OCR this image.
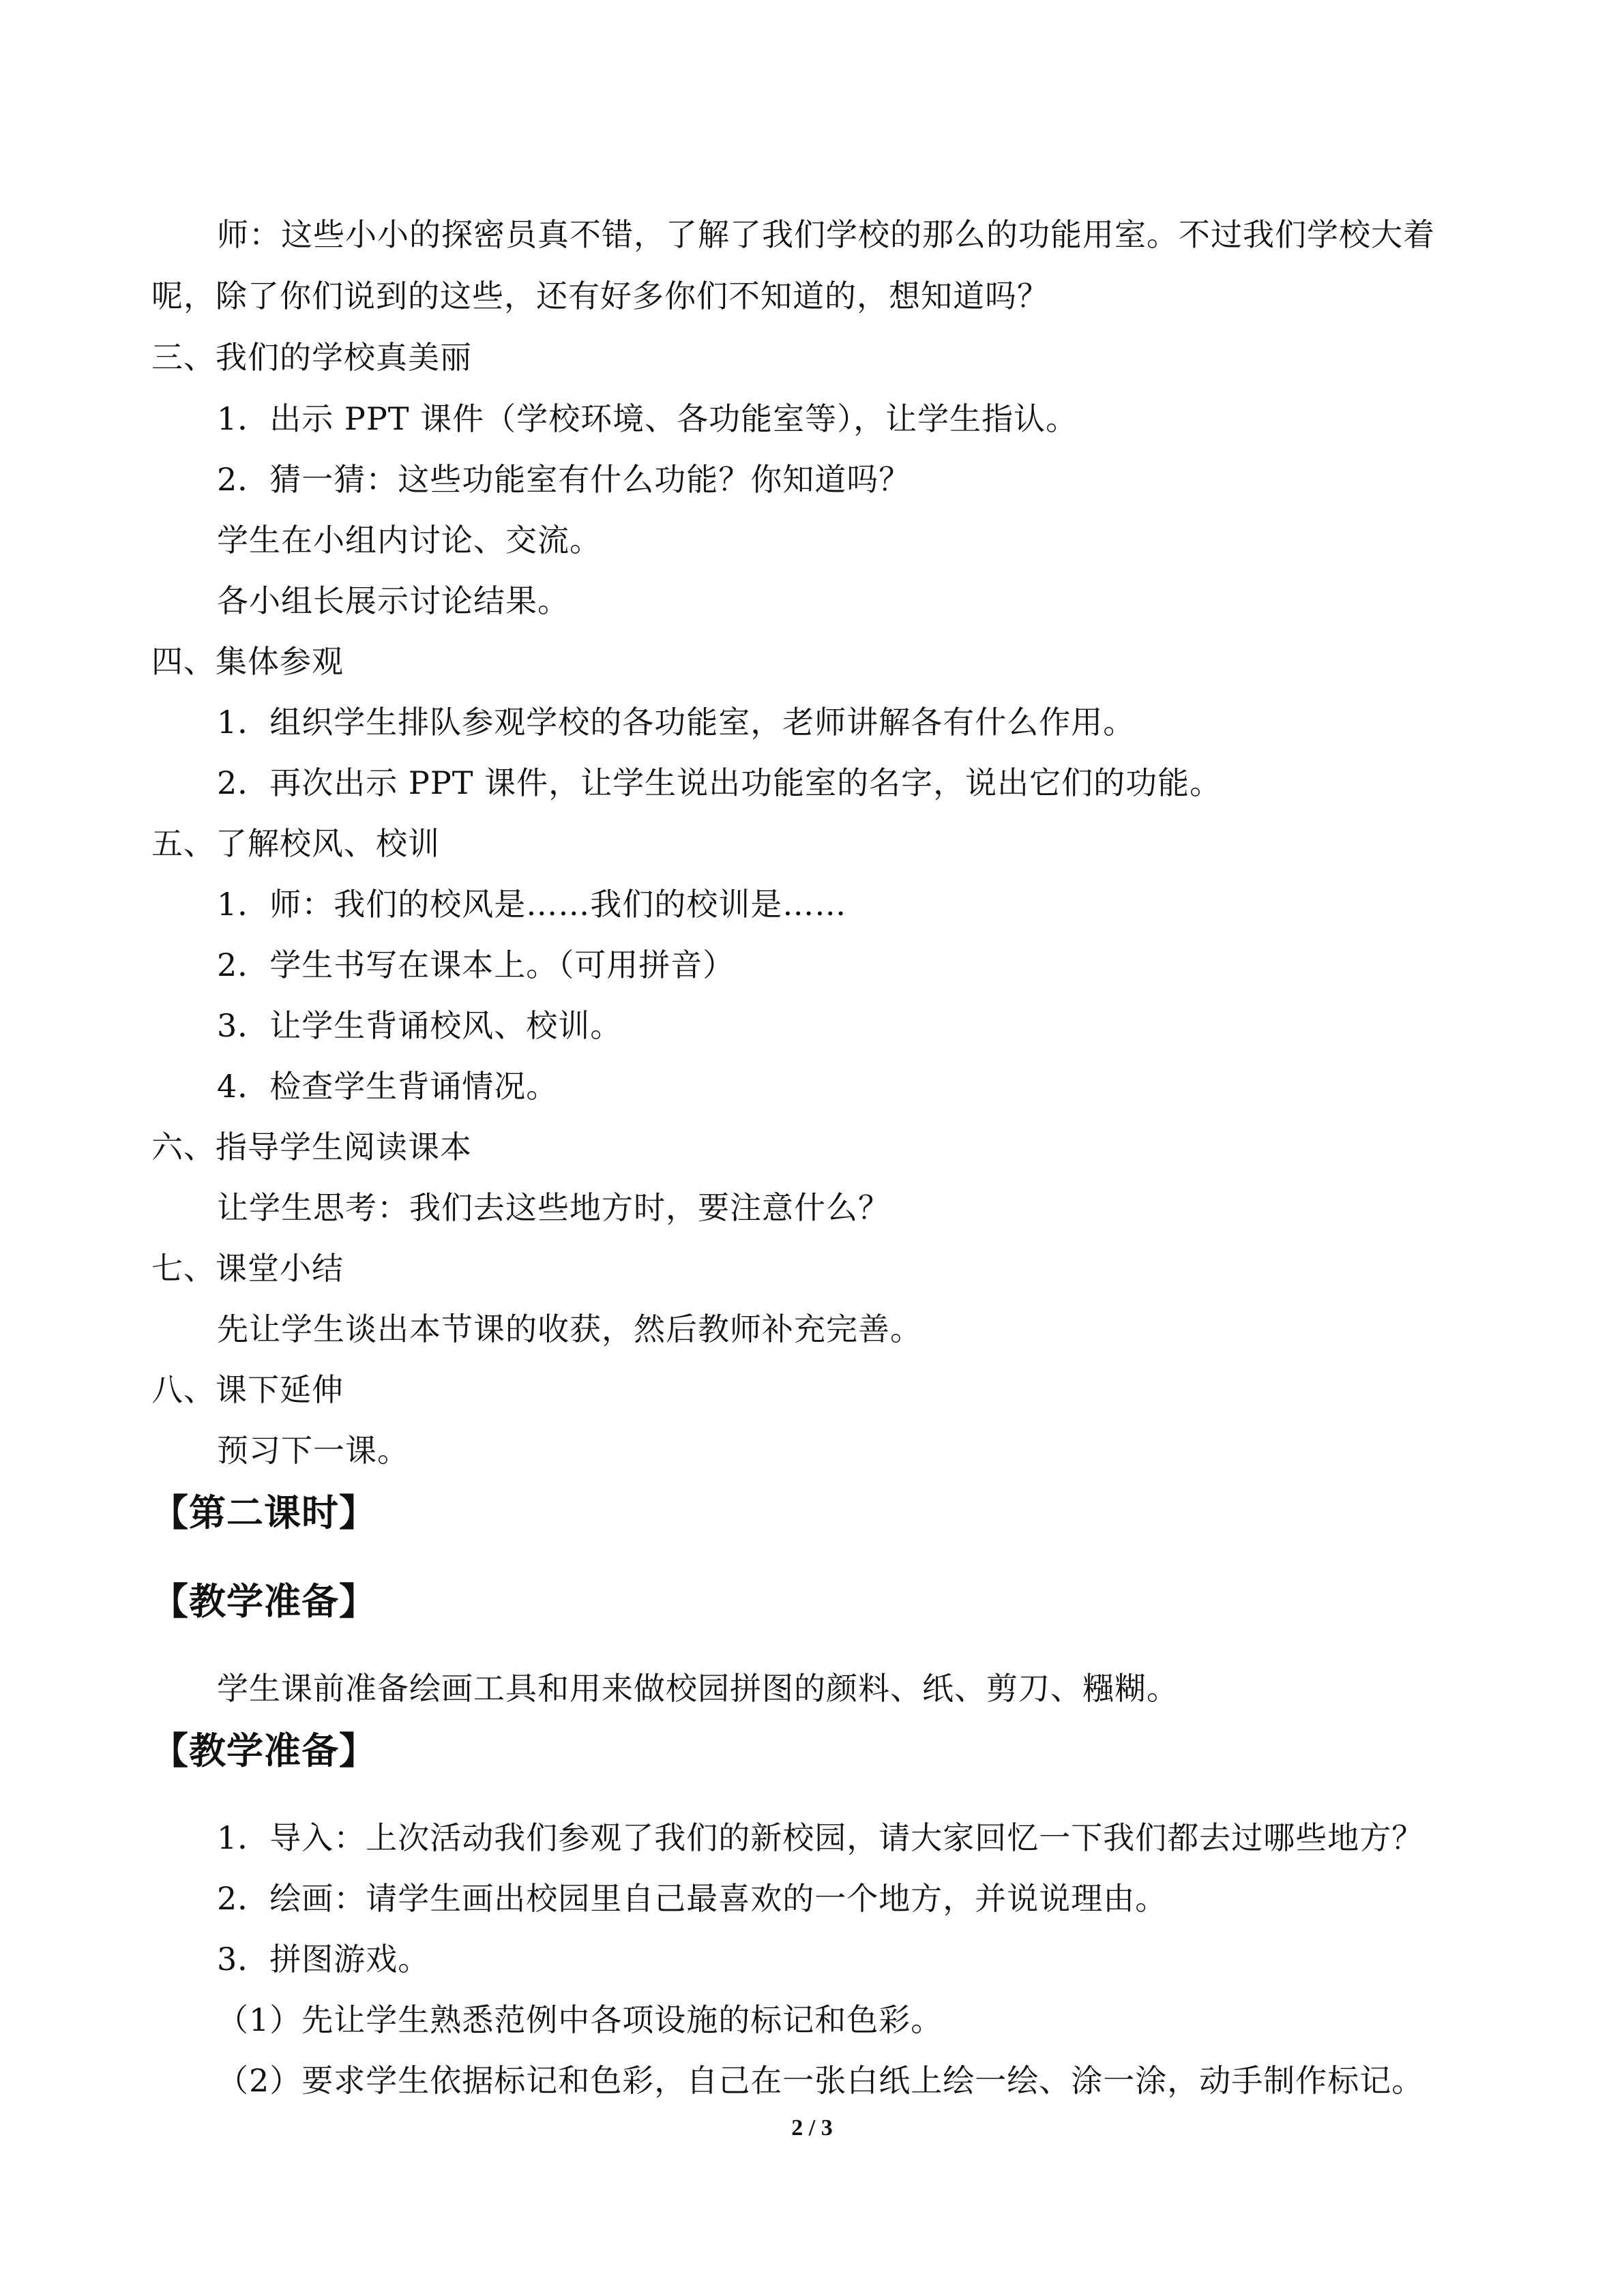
师：这些小小的探密员真不错，了解了我们学校的那么的功能用室。不过我们学校大着
呢，除了你们说到的这些，还有好多你们不知道的，想知道吗？
三、我们的学校真美丽
1．出示 PPT 课件（学校环境、各功能室等），让学生指认。
2．猜一猜：这些功能室有什么功能？你知道吗？
学生在小组内讨论、交流。
各小组长展示讨论结果。
四、集体参观
1．组织学生排队参观学校的各功能室，老师讲解各有什么作用。
2．再次出示 PPT 课件，让学生说出功能室的名字，说出它们的功能。
五、了解校风、校训
1．师：我们的校风是……我们的校训是……
2．学生书写在课本上。（可用拼音）
3．让学生背诵校风、校训。
4．检查学生背诵情况。
六、指导学生阅读课本
让学生思考：我们去这些地方时，要注意什么？
七、课堂小结
先让学生谈出本节课的收获，然后教师补充完善。
八、课下延伸
预习下一课。
【第二课时】
【教学准备】
学生课前准备绘画工具和用来做校园拼图的颜料、纸、剪刀、糨糊。
【教学准备】
1．导入：上次活动我们参观了我们的新校园，请大家回忆一下我们都去过哪些地方？
2．绘画：请学生画出校园里自己最喜欢的一个地方，并说说理由。
3．拼图游戏。
（1）先让学生熟悉范例中各项设施的标记和色彩。
（2）要求学生依据标记和色彩，自己在一张白纸上绘一绘、涂一涂，动手制作标记。
2 / 3
